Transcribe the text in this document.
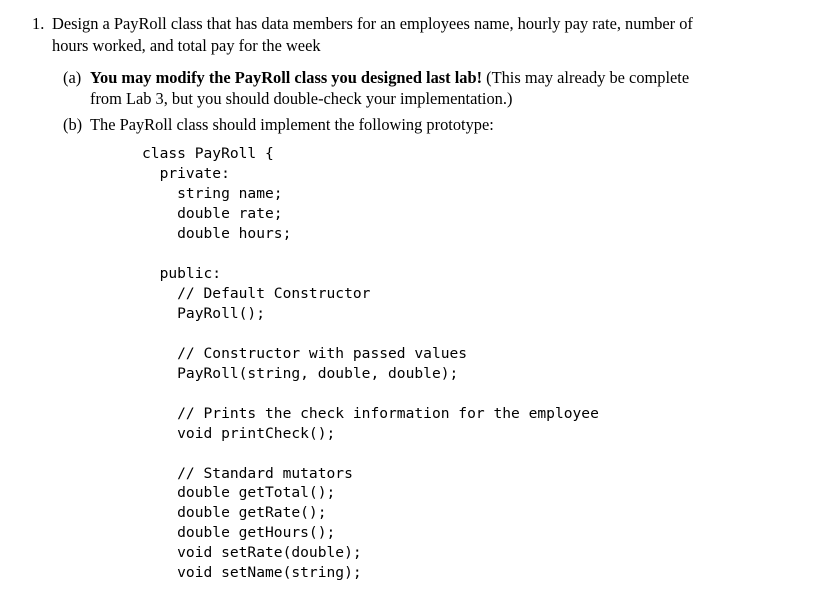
1. Design a PayRoll class that has data members for an employees name, hourly pay rate, number of
hours worked, and total pay for the week
(a) You may modify the PayRoll class you designed last lab! (This may already be complete
from Lab 3, but you should double-check your implementation.)
(b) The PayRoll class should implement the following prototype:
class PayRoll {
private:
string name;
double rate;
double hours;
public:
// Default Constructor
PayRoll();
// Constructor with passed values
PayRoll(string, double, double);
// Prints the check information for the employee
void printCheck();
// Standard mutators
double getTotal();
double getRate();
double getHours();
void setRate(double);
void setName(string);
